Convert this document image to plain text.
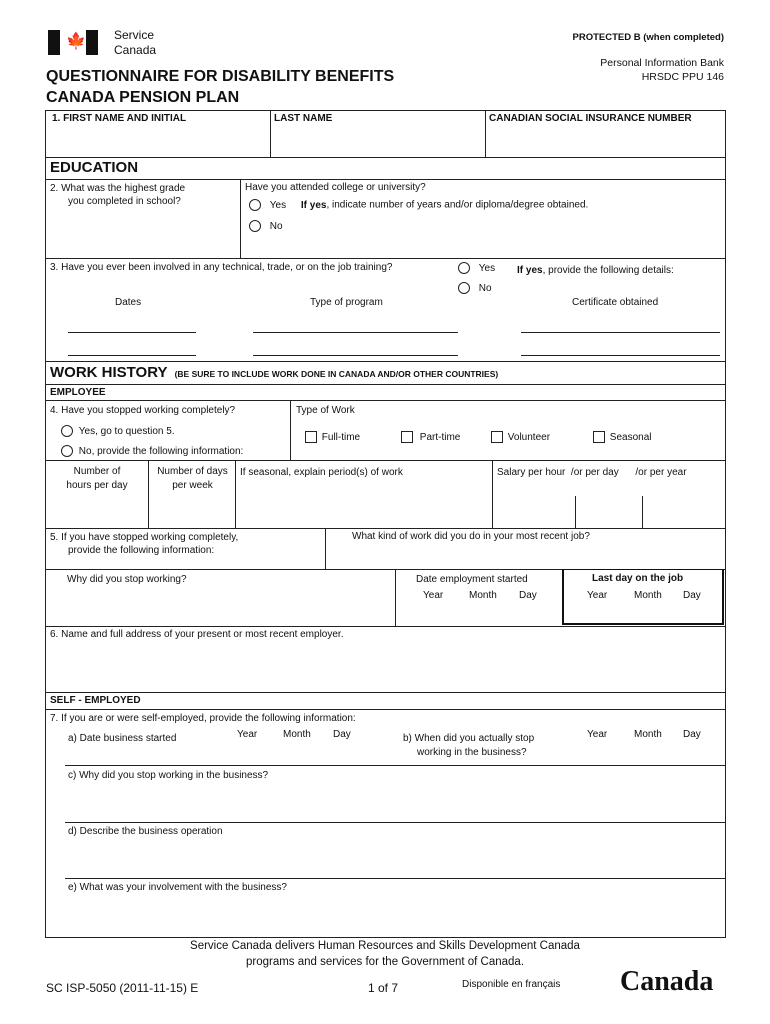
🍁 Service
Canada
PROTECTED B (when completed)
Personal Information Bank
HRSDC PPU 146
QUESTIONNAIRE FOR DISABILITY BENEFITS
CANADA PENSION PLAN
1. FIRST NAME AND INITIAL	LAST NAME	CANADIAN SOCIAL INSURANCE NUMBER
EDUCATION
2. What was the highest grade
you completed in school?
Have you attended college or university?
Yes If yes, indicate number of years and/or diploma/degree obtained.
No
3. Have you ever been involved in any technical, trade, or on the job training?	Yes If yes, provide the following details:
No
Dates	Type of program	Certificate obtained
WORK HISTORY (BE SURE TO INCLUDE WORK DONE IN CANADA AND/OR OTHER COUNTRIES)
EMPLOYEE
4. Have you stopped working completely?	Type of Work
Yes, go to question 5.
No, provide the following information:
Full-time	Part-time	Volunteer	Seasonal
Number of
hours per day
Number of days
per week
If seasonal, explain period(s) of work	Salary per hour  /or per day      /or per year
5. If you have stopped working completely,
provide the following information:
What kind of work did you do in your most recent job?
Why did you stop working?	Date employment started
Year	Month Day
Last day on the job
Year	Month Day
6. Name and full address of your present or most recent employer.
SELF - EMPLOYED
7. If you are or were self-employed, provide the following information:
a) Date business started	Year	Month Day	b) When did you actually stop
working in the business?
Year	Month Day
c) Why did you stop working in the business?
d) Describe the business operation
e) What was your involvement with the business?
Service Canada delivers Human Resources and Skills Development Canada
programs and services for the Government of Canada.
SC ISP-5050 (2011-11-15) E	1 of 7	Disponible en français Canada
